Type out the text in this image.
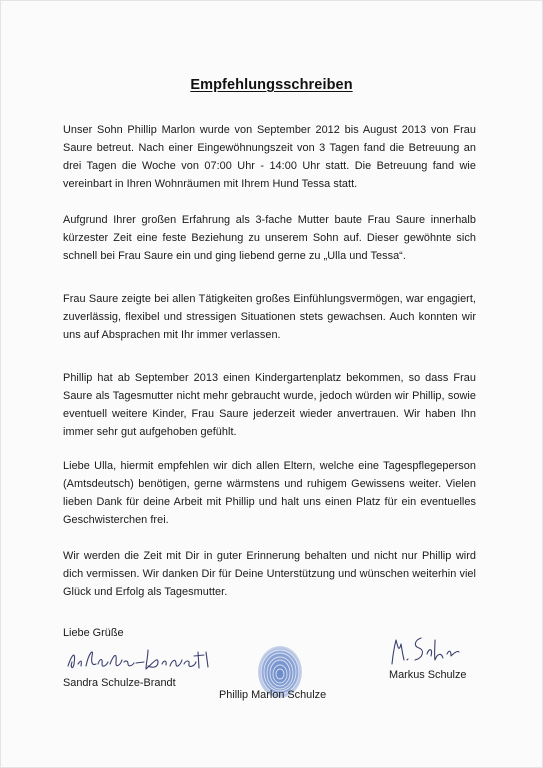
Empfehlungsschreiben

Unser Sohn Phillip Marlon wurde von September 2012 bis August 2013 von Frau Saure betreut. Nach einer Eingewöhnungszeit von 3 Tagen fand die Betreuung an drei Tagen die Woche von 07:00 Uhr - 14:00 Uhr statt. Die Betreuung fand wie vereinbart in Ihren Wohnräumen mit Ihrem Hund Tessa statt.

Aufgrund Ihrer großen Erfahrung als 3-fache Mutter baute Frau Saure innerhalb kürzester Zeit eine feste Beziehung zu unserem Sohn auf. Dieser gewöhnte sich schnell bei Frau Saure ein und ging liebend gerne zu „Ulla und Tessa“.

Frau Saure zeigte bei allen Tätigkeiten großes Einfühlungsvermögen, war engagiert, zuverlässig, flexibel und stressigen Situationen stets gewachsen. Auch konnten wir uns auf Absprachen mit Ihr immer verlassen.

Phillip hat ab September 2013 einen Kindergartenplatz bekommen, so dass Frau Saure als Tagesmutter nicht mehr gebraucht wurde, jedoch würden wir Phillip, sowie eventuell weitere Kinder, Frau Saure jederzeit wieder anvertrauen. Wir haben Ihn immer sehr gut aufgehoben gefühlt.

Liebe Ulla, hiermit empfehlen wir dich allen Eltern, welche eine Tagespflegeperson (Amtsdeutsch) benötigen, gerne wärmstens und ruhigem Gewissens weiter. Vielen lieben Dank für deine Arbeit mit Phillip und halt uns einen Platz für ein eventuelles Geschwisterchen frei.

Wir werden die Zeit mit Dir in guter Erinnerung behalten und nicht nur Phillip wird dich vermissen. Wir danken Dir für Deine Unterstützung und wünschen weiterhin viel Glück und Erfolg als Tagesmutter.

Liebe Grüße
Sandra Schulze-Brandt
Phillip Marlon Schulze
Markus Schulze
